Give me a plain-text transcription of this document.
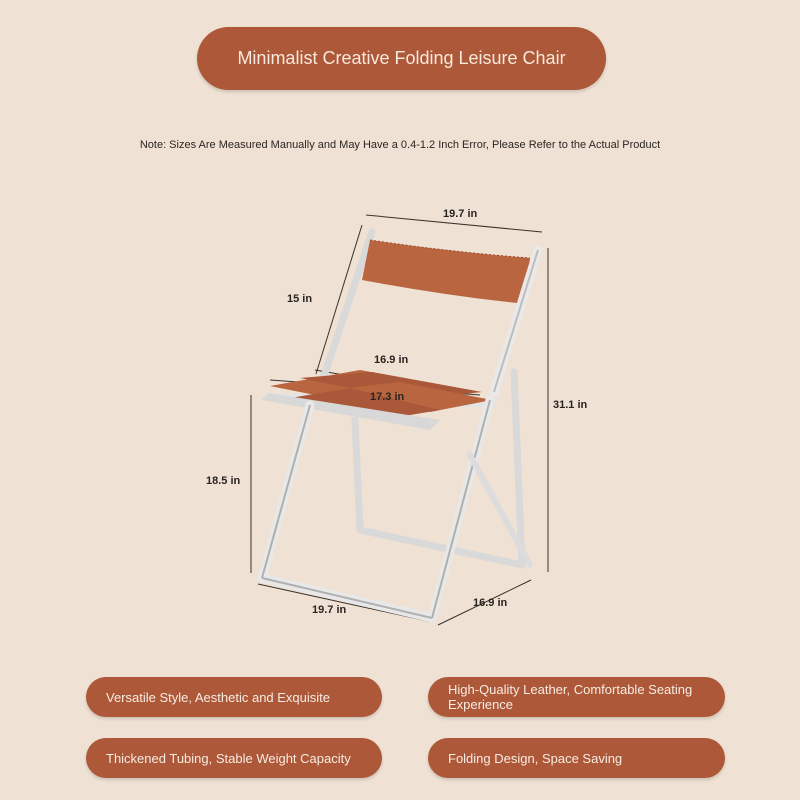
Minimalist Creative Folding Leisure Chair
Note: Sizes Are Measured Manually and May Have a 0.4-1.2 Inch Error, Please Refer to the Actual Product
19.7 in
15 in
16.9 in
17.3 in
31.1 in
18.5 in
19.7 in
16.9 in
Versatile Style, Aesthetic and Exquisite	High-Quality Leather, Comfortable Seating Experience
Thickened Tubing, Stable Weight Capacity	Folding Design, Space Saving
